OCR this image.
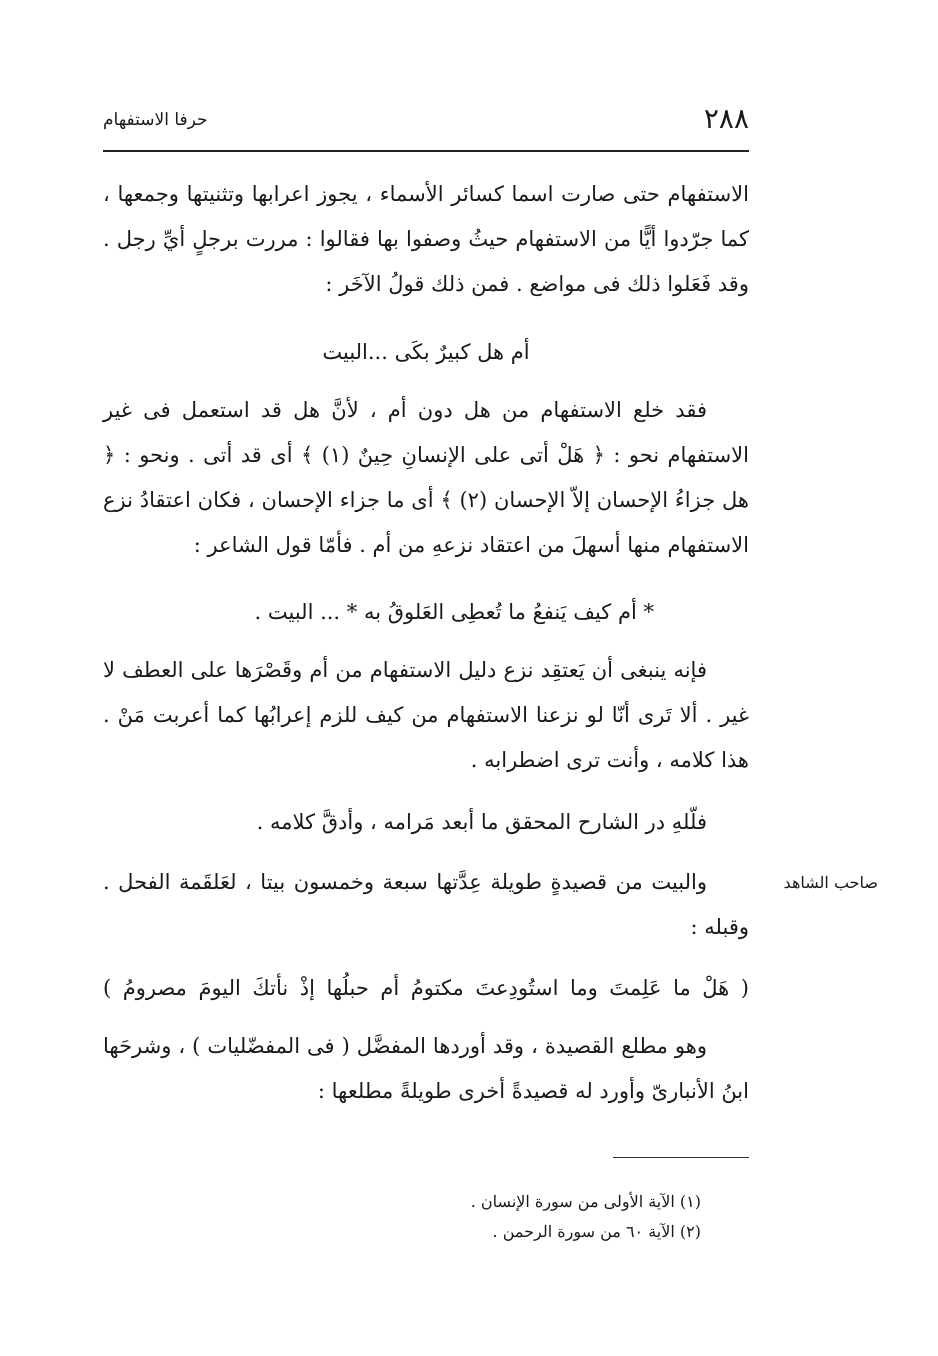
٢٨٨
حرفا الاستفهام

الاستفهام حتى صارت اسما كسائر الأسماء ، يجوز اعرابها وتثنيتها وجمعها ، كما جرّدوا أيًّا من الاستفهام حيثُ وصفوا بها فقالوا : مررت برجلٍ أيِّ رجل . وقد فَعَلوا ذلك فى مواضع . فمن ذلك قولُ الآخَر :

أم هل كبيرٌ بكَى ...البيت

فقد خلع الاستفهام من هل دون أم ، لأنَّ هل قد استعمل فى غير الاستفهام نحو : ﴿ هَلْ أتى على الإنسانِ حِينٌ (١) ﴾ أى قد أتى . ونحو : ﴿ هل جزاءُ الإحسان إلاّ الإحسان (٢) ﴾ أى ما جزاء الإحسان ، فكان اعتقادُ نزع الاستفهام منها أسهلَ من اعتقاد نزعهِ من أم . فأمّا قول الشاعر :

* أم كيف يَنفعُ ما تُعطِى العَلوقُ به * ... البيت .

فإنه ينبغى أن يَعتقِد نزع دليل الاستفهام من أم وقَصْرَها على العطف لا غير . ألا تَرى أنّا لو نزعنا الاستفهام من كيف للزم إعرابُها كما أعربت مَنْ . هذا كلامه ، وأنت ترى اضطرابه .

فلّلهِ در الشارح المحقق ما أبعد مَرامه ، وأدقَّ كلامه .

والبيت من قصيدةٍ طويلة عِدَّتها سبعة وخمسون بيتا ، لعَلقَمة الفحل . وقبله :

صاحب الشاهد
( هَلْ ما عَلِمتَ وما استُودِعتَ مكتومُ أم حبلُها إذْ نأتكَ اليومَ مصرومُ )

وهو مطلع القصيدة ، وقد أوردها المفضَّل ( فى المفضّليات ) ، وشرحَها ابنُ الأنبارىّ وأورد له قصيدةً أخرى طويلةً مطلعها :

(١) الآية الأولى من سورة الإنسان .

(٢) الآية ٦٠ من سورة الرحمن .
